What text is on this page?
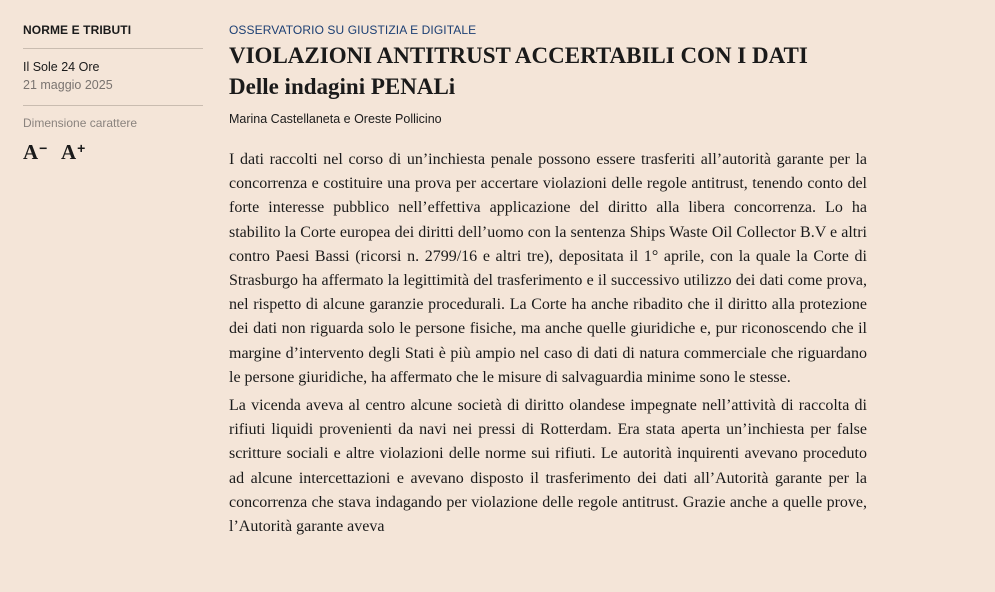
NORME E TRIBUTI
Il Sole 24 Ore
21 maggio 2025
Dimensione carattere
A− A+
OSSERVATORIO SU GIUSTIZIA E DIGITALE
VIOLAZIONI ANTITRUST ACCERTABILI CON I DATI
Delle indagini PENALi
Marina Castellaneta e Oreste Pollicino

I dati raccolti nel corso di un’inchiesta penale possono essere trasferiti all’autorità garante per la concorrenza e costituire una prova per accertare violazioni delle regole antitrust, tenendo conto del forte interesse pubblico nell’effettiva applicazione del diritto alla libera concorrenza. Lo ha stabilito la Corte europea dei diritti dell’uomo con la sentenza Ships Waste Oil Collector B.V e altri contro Paesi Bassi (ricorsi n. 2799/16 e altri tre), depositata il 1° aprile, con la quale la Corte di Strasburgo ha affermato la legittimità del trasferimento e il successivo utilizzo dei dati come prova, nel rispetto di alcune garanzie procedurali. La Corte ha anche ribadito che il diritto alla protezione dei dati non riguarda solo le persone fisiche, ma anche quelle giuridiche e, pur riconoscendo che il margine d’intervento degli Stati è più ampio nel caso di dati di natura commerciale che riguardano le persone giuridiche, ha affermato che le misure di salvaguardia minime sono le stesse.

La vicenda aveva al centro alcune società di diritto olandese impegnate nell’attività di raccolta di rifiuti liquidi provenienti da navi nei pressi di Rotterdam. Era stata aperta un’inchiesta per false scritture sociali e altre violazioni delle norme sui rifiuti. Le autorità inquirenti avevano proceduto ad alcune intercettazioni e avevano disposto il trasferimento dei dati all’Autorità garante per la concorrenza che stava indagando per violazione delle regole antitrust. Grazie anche a quelle prove, l’Autorità garante aveva
